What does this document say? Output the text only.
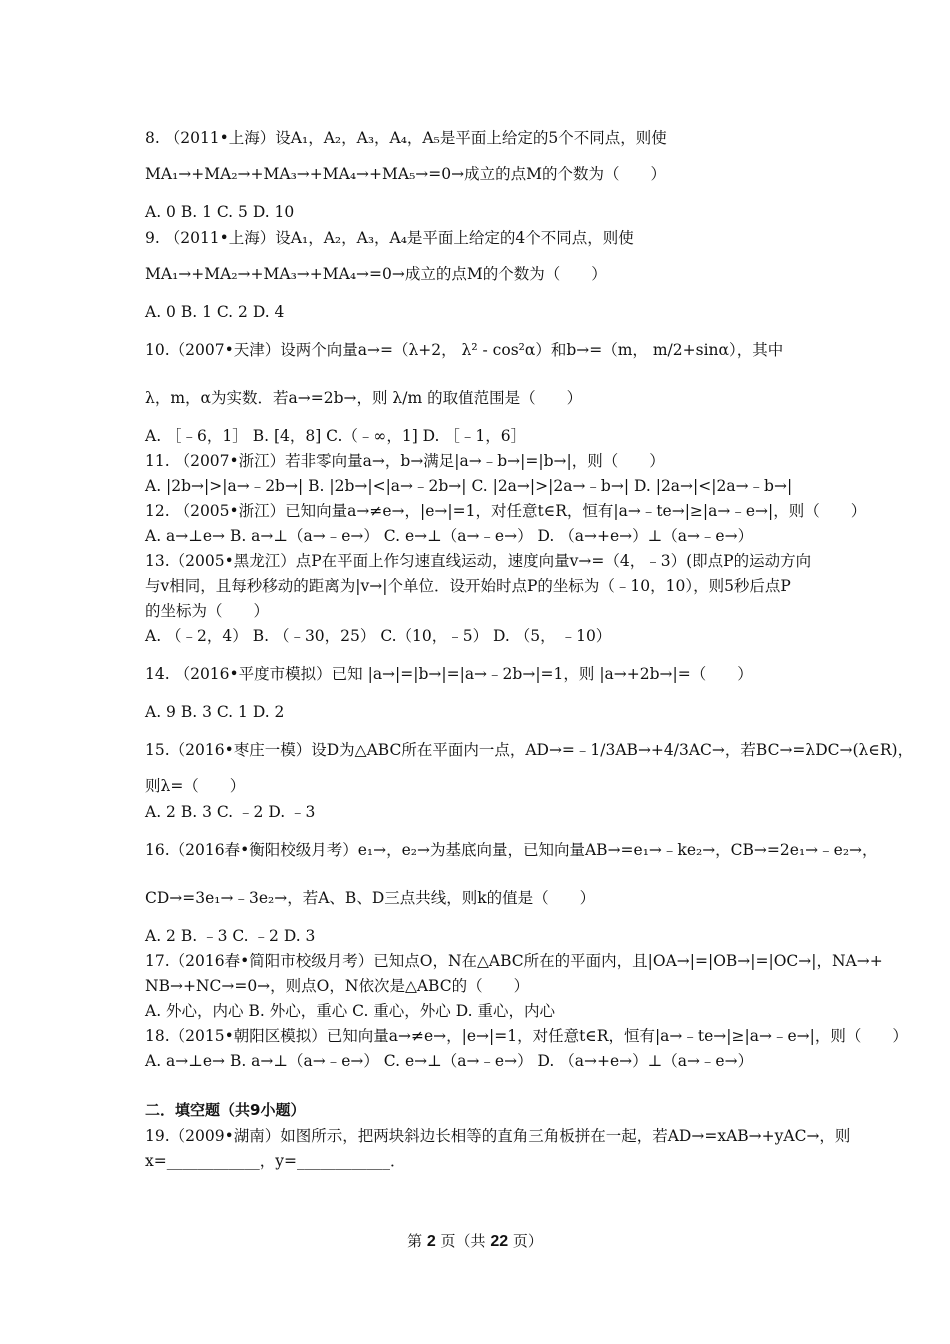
8. （2011•上海）设A₁，A₂，A₃，A₄，A₅是平面上给定的5个不同点，则使
MA₁→+MA₂→+MA₃→+MA₄→+MA₅→=0→成立的点M的个数为（　　）
A. 0 B. 1 C. 5 D. 10
9. （2011•上海）设A₁，A₂，A₃，A₄是平面上给定的4个不同点，则使
MA₁→+MA₂→+MA₃→+MA₄→=0→成立的点M的个数为（　　）
A. 0 B. 1 C. 2 D. 4
10.（2007•天津）设两个向量a→=（λ+2， λ² - cos²α）和b→=（m， m/2+sinα），其中
λ，m，α为实数．若a→=2b→，则 λ/m 的取值范围是（　　）
A. ［﹣6，1］ B. [4，8] C.（﹣∞，1] D. ［﹣1，6］
11. （2007•浙江）若非零向量a→，b→满足|a→﹣b→|=|b→|，则（　　）
A. |2b→|>|a→﹣2b→| B. |2b→|<|a→﹣2b→| C. |2a→|>|2a→﹣b→| D. |2a→|<|2a→﹣b→|
12. （2005•浙江）已知向量a→≠e→，|e→|=1，对任意t∈R，恒有|a→﹣te→|≥|a→﹣e→|，则（　　）
A. a→⊥e→ B. a→⊥（a→﹣e→） C. e→⊥（a→﹣e→） D. （a→+e→）⊥（a→﹣e→）
13.（2005•黑龙江）点P在平面上作匀速直线运动，速度向量v→=（4，﹣3）(即点P的运动方向
与v相同，且每秒移动的距离为|v→|个单位．设开始时点P的坐标为（﹣10，10），则5秒后点P
的坐标为（　　）
A. （﹣2，4） B. （﹣30，25） C.（10，﹣5） D. （5， ﹣10）
14. （2016•平度市模拟）已知 |a→|=|b→|=|a→﹣2b→|=1，则 |a→+2b→|=（　　）
A. 9 B. 3 C. 1 D. 2
15.（2016•枣庄一模）设D为△ABC所在平面内一点，AD→=﹣1/3AB→+4/3AC→，若BC→=λDC→(λ∈R)，
则λ=（　　）
A. 2 B. 3 C. ﹣2 D. ﹣3
16.（2016春•衡阳校级月考）e₁→，e₂→为基底向量，已知向量AB→=e₁→﹣ke₂→，CB→=2e₁→﹣e₂→，
CD→=3e₁→﹣3e₂→，若A、B、D三点共线，则k的值是（　　）
A. 2 B. ﹣3 C. ﹣2 D. 3
17.（2016春•简阳市校级月考）已知点O，N在△ABC所在的平面内，且|OA→|=|OB→|=|OC→|，NA→+
NB→+NC→=0→，则点O，N依次是△ABC的（　　）
A. 外心，内心 B. 外心，重心 C. 重心，外心 D. 重心，内心
18.（2015•朝阳区模拟）已知向量a→≠e→，|e→|=1，对任意t∈R，恒有|a→﹣te→|≥|a→﹣e→|，则（　　）
A. a→⊥e→ B. a→⊥（a→﹣e→） C. e→⊥（a→﹣e→） D. （a→+e→）⊥（a→﹣e→）
二．填空题（共9小题）
19.（2009•湖南）如图所示，把两块斜边长相等的直角三角板拼在一起，若AD→=xAB→+yAC→，则
x=____________，y=____________．
第 2 页（共 22 页）
